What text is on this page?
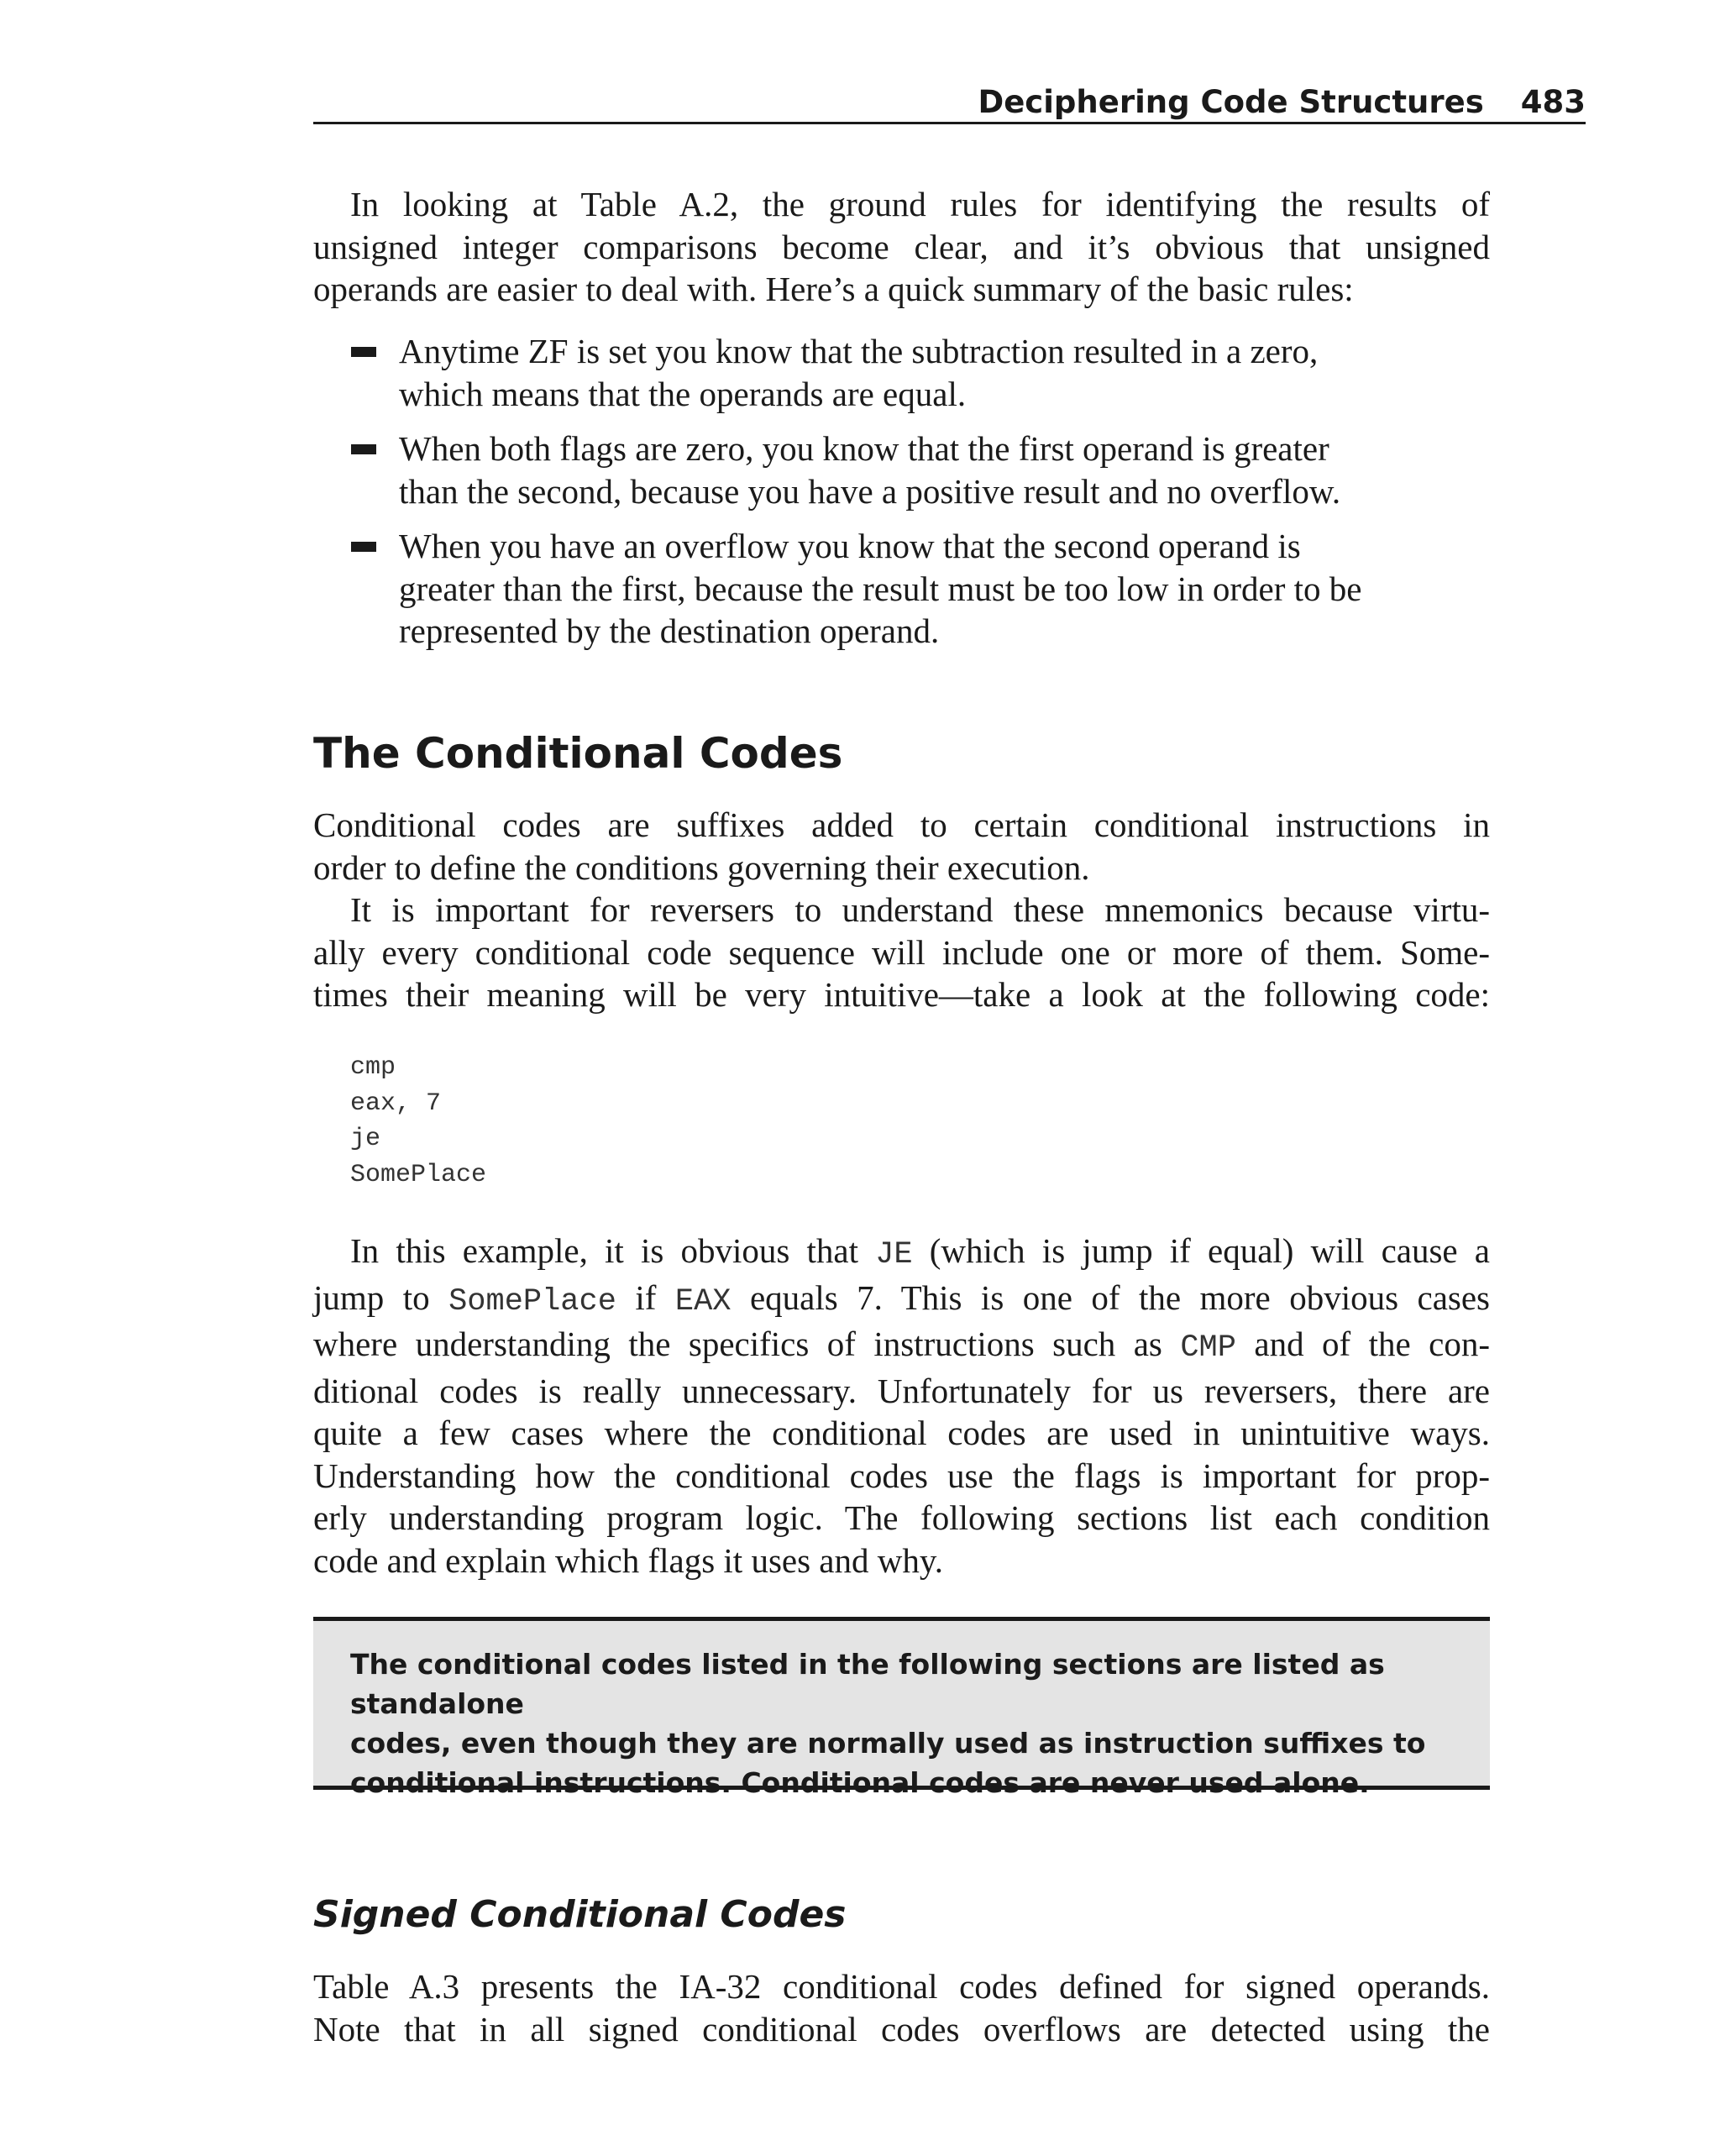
Deciphering Code Structures 483
In looking at Table A.2, the ground rules for identifying the results of
unsigned integer comparisons become clear, and it’s obvious that unsigned
operands are easier to deal with. Here’s a quick summary of the basic rules:
Anytime ZF is set you know that the subtraction resulted in a zero,
which means that the operands are equal.
When both flags are zero, you know that the first operand is greater
than the second, because you have a positive result and no overflow.
When you have an overflow you know that the second operand is
greater than the first, because the result must be too low in order to be
represented by the destination operand.
The Conditional Codes
Conditional codes are suffixes added to certain conditional instructions in
order to define the conditions governing their execution.
It is important for reversers to understand these mnemonics because virtu-
ally every conditional code sequence will include one or more of them. Some-
times their meaning will be very intuitive—take a look at the following code:
cmp
eax, 7
je
SomePlace
In this example, it is obvious that JE (which is jump if equal) will cause a
jump to SomePlace if EAX equals 7. This is one of the more obvious cases
where understanding the specifics of instructions such as CMP and of the con-
ditional codes is really unnecessary. Unfortunately for us reversers, there are
quite a few cases where the conditional codes are used in unintuitive ways.
Understanding how the conditional codes use the flags is important for prop-
erly understanding program logic. The following sections list each condition
code and explain which flags it uses and why.
The conditional codes listed in the following sections are listed as standalone
codes, even though they are normally used as instruction suffixes to
conditional instructions. Conditional codes are never used alone.
Signed Conditional Codes
Table A.3 presents the IA-32 conditional codes defined for signed operands.
Note that in all signed conditional codes overflows are detected using the
